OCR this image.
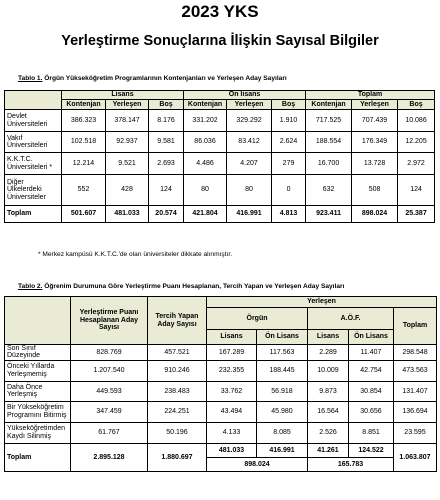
2023 YKS
Yerleştirme Sonuçlarına İlişkin Sayısal Bilgiler
Tablo 1. Örgün Yükseköğretim Programlarının Kontenjanları ve Yerleşen Aday Sayıları
	Lisans			Ön lisans			Toplam		
	Kontenjan	Yerleşen	Boş	Kontenjan	Yerleşen	Boş	Kontenjan	Yerleşen	Boş
Devlet Üniversiteleri	386.323	378.147	8.176	331.202	329.292	1.910	717.525	707.439	10.086
Vakıf Üniversiteleri	102.518	92.937	9.581	86.036	83.412	2.624	188.554	176.349	12.205
K.K.T.C. Üniversiteleri *	12.214	9.521	2.693	4.486	4.207	279	16.700	13.728	2.972
Diğer Ülkelerdeki Üniversiteler	552	428	124	80	80	0	632	508	124
Toplam	501.607	481.033	20.574	421.804	416.991	4.813	923.411	898.024	25.387
* Merkez kampüsü K.K.T.C.'de olan üniversiteler dikkate alınmıştır.
Tablo 2. Öğrenim Durumuna Göre Yerleştirme Puanı Hesaplanan, Tercih Yapan ve Yerleşen Aday Sayıları
	Yerleştirme Puanı Hesaplanan Aday Sayısı	Tercih Yapan Aday Sayısı	Yerleşen				
			Örgün		A.Ö.F.		Toplam
			Lisans	Ön Lisans	Lisans	Ön Lisans	
Son Sınıf Düzeyinde	828.769	457.521	167.289	117.563	2.289	11.407	298.548
Önceki Yıllarda Yerleşmemiş	1.207.540	910.246	232.355	188.445	10.009	42.754	473.563
Daha Önce Yerleşmiş	449.593	238.483	33.762	56.918	9.873	30.854	131.407
Bir Yükseköğretim Programını Bitirmiş	347.459	224.251	43.494	45.980	16.564	30.656	136.694
Yükseköğretimden Kaydı Silinmiş	61.767	50.196	4.133	8.085	2.526	8.851	23.595
Toplam	2.895.128	1.880.697	481.033	416.991	41.261	124.522	1.063.807
			898.024		165.783		
